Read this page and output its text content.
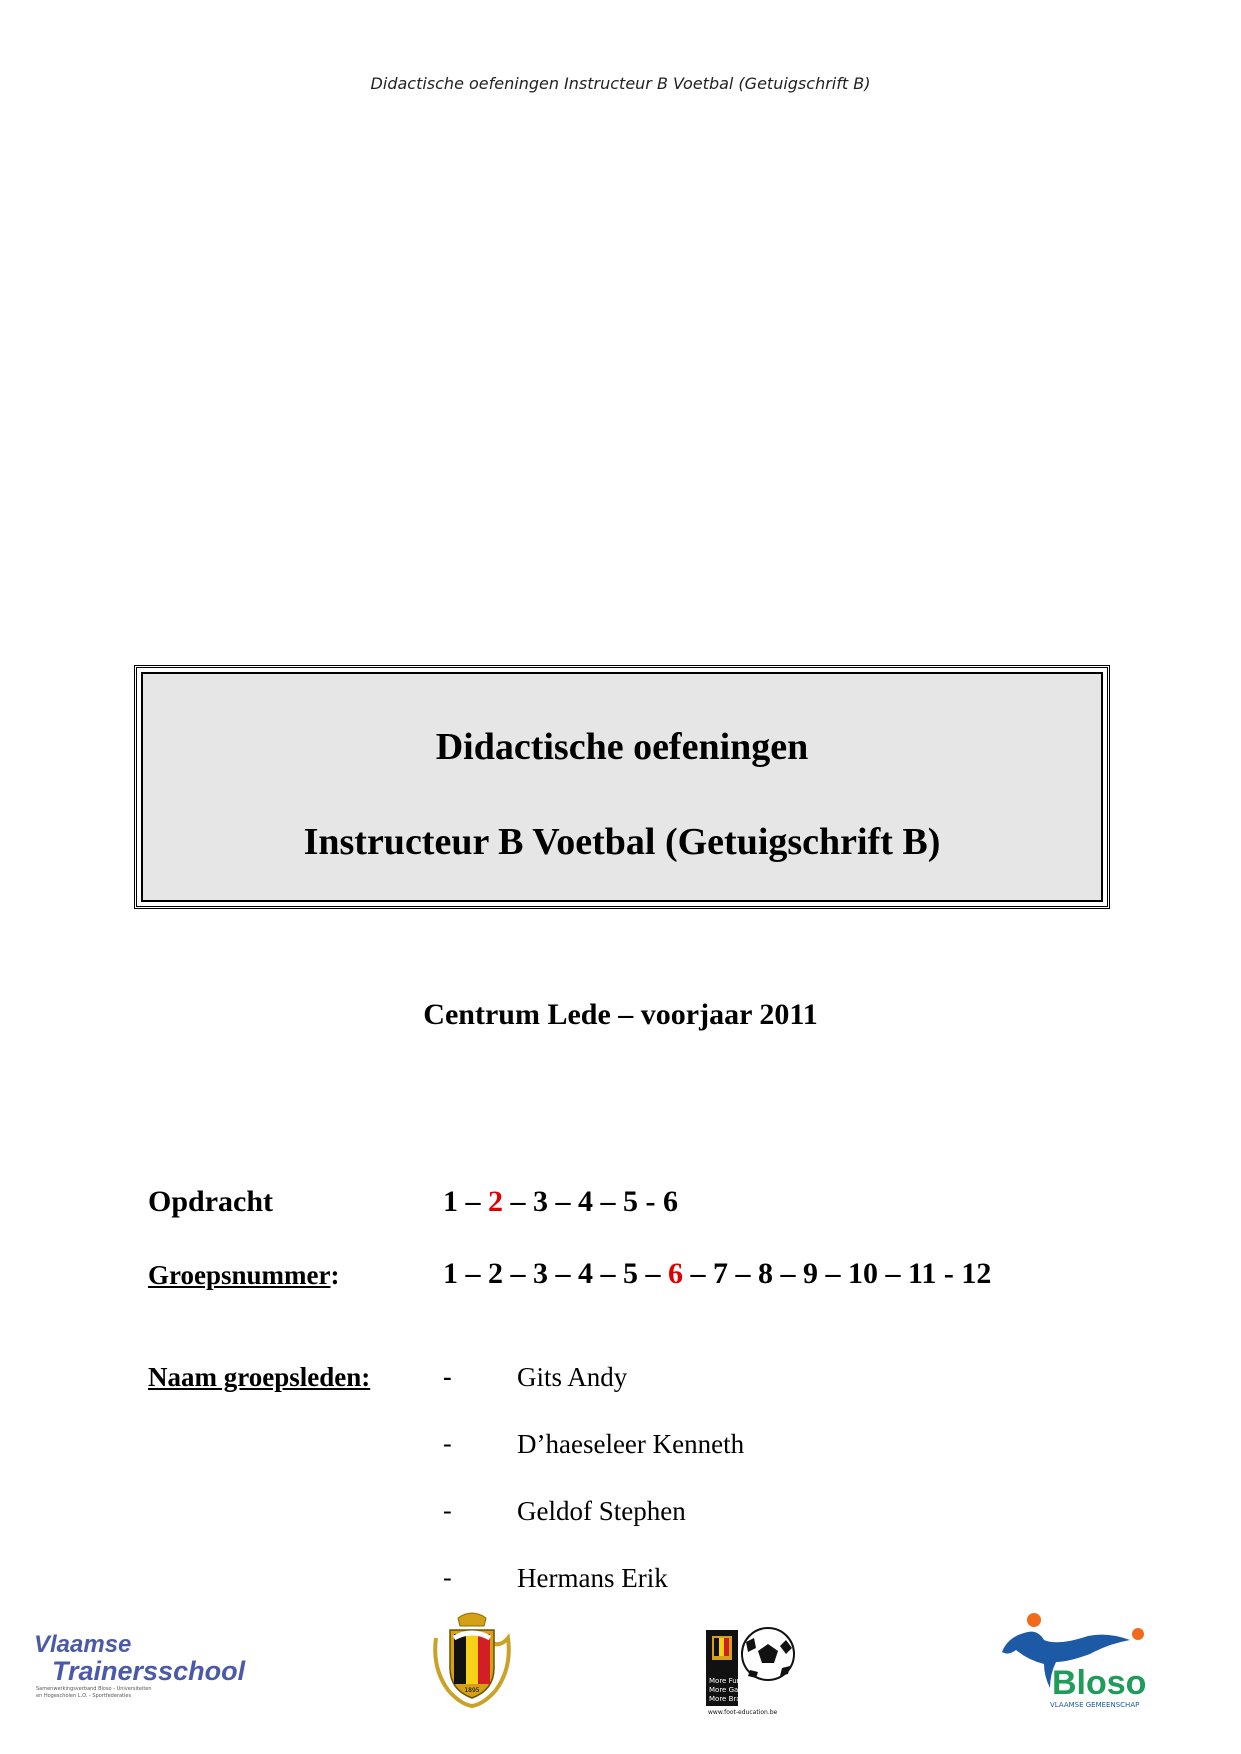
Didactische oefeningen Instructeur B Voetbal (Getuigschrift B)
Didactische oefeningen
Instructeur B Voetbal (Getuigschrift B)
Centrum Lede – voorjaar 2011
Opdracht	1 – 2 – 3 – 4 – 5 - 6
Groepsnummer:	1 – 2 – 3 – 4 – 5 – 6 – 7 – 8 – 9 – 10 – 11 - 12
Naam groepsleden:	- Gits Andy
- D’haeseleer Kenneth
- Geldof Stephen
- Hermans Erik
Vlaamse
Trainersschool
Samenwerkingsverband Bloso - Universiteiten
en Hogescholen L.O. - Sportfederaties
1895
More Fun
More Games
More Brains
www.foot-education.be
Bloso
VLAAMSE GEMEENSCHAP
